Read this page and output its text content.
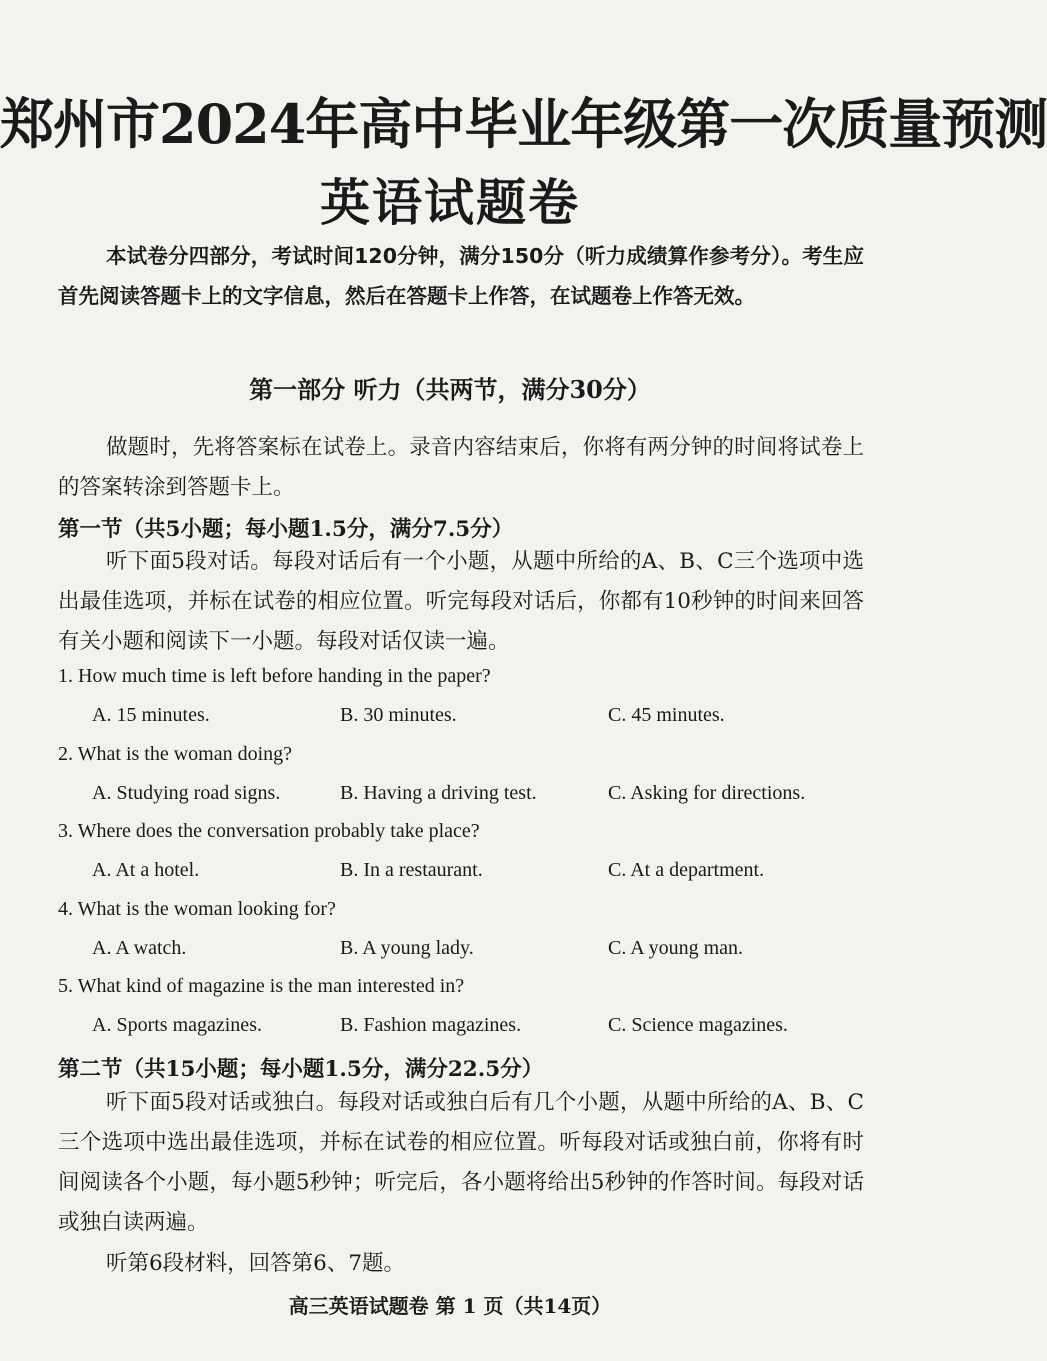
郑州市2024年高中毕业年级第一次质量预测
英语试题卷
本试卷分四部分，考试时间120分钟，满分150分（听力成绩算作参考分）。考生应首先阅读答题卡上的文字信息，然后在答题卡上作答，在试题卷上作答无效。
第一部分 听力（共两节，满分30分）
做题时，先将答案标在试卷上。录音内容结束后，你将有两分钟的时间将试卷上的答案转涂到答题卡上。
第一节（共5小题；每小题1.5分，满分7.5分）
听下面5段对话。每段对话后有一个小题，从题中所给的A、B、C三个选项中选出最佳选项，并标在试卷的相应位置。听完每段对话后，你都有10秒钟的时间来回答有关小题和阅读下一小题。每段对话仅读一遍。
1. How much time is left before handing in the paper?
A. 15 minutes.	B. 30 minutes.	C. 45 minutes.
2. What is the woman doing?
A. Studying road signs.	B. Having a driving test.	C. Asking for directions.
3. Where does the conversation probably take place?
A. At a hotel.	B. In a restaurant.	C. At a department.
4. What is the woman looking for?
A. A watch.	B. A young lady.	C. A young man.
5. What kind of magazine is the man interested in?
A. Sports magazines.	B. Fashion magazines.	C. Science magazines.
第二节（共15小题；每小题1.5分，满分22.5分）
听下面5段对话或独白。每段对话或独白后有几个小题，从题中所给的A、B、C三个选项中选出最佳选项，并标在试卷的相应位置。听每段对话或独白前，你将有时间阅读各个小题，每小题5秒钟；听完后，各小题将给出5秒钟的作答时间。每段对话或独白读两遍。
听第6段材料，回答第6、7题。
高三英语试题卷 第 1 页（共14页）
